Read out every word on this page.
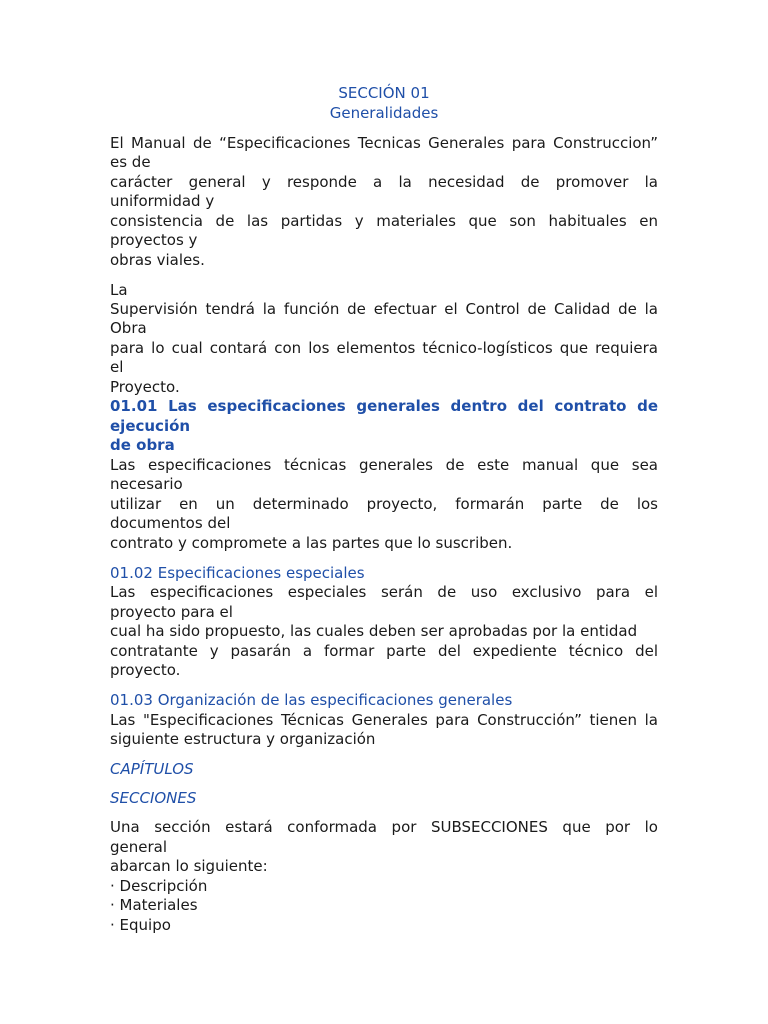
SECCIÓN 01
Generalidades

El Manual de “Especificaciones Tecnicas Generales para Construccion”

es de

carácter general y responde a la necesidad de promover la

uniformidad y

consistencia de las partidas y materiales que son habituales en

proyectos y

obras viales.

La

Supervisión tendrá la función de efectuar el Control de Calidad de la

Obra

para lo cual contará con los elementos técnico-logísticos que requiera

el

Proyecto.

01.01 Las especificaciones generales dentro del contrato de

ejecución

de obra

Las especificaciones técnicas generales de este manual que sea

necesario

utilizar en un determinado proyecto, formarán parte de los

documentos del

contrato y compromete a las partes que lo suscriben.

01.02 Especificaciones especiales

Las especificaciones especiales serán de uso exclusivo para el

proyecto para el

cual ha sido propuesto, las cuales deben ser aprobadas por la entidad

contratante y pasarán a formar parte del expediente técnico del

proyecto.

01.03 Organización de las especificaciones generales

Las "Especificaciones Técnicas Generales para Construcción” tienen la

siguiente estructura y organización

CAPÍTULOS

SECCIONES

Una sección estará conformada por SUBSECCIONES que por lo

general

abarcan lo siguiente:

· Descripción

· Materiales

· Equipo
